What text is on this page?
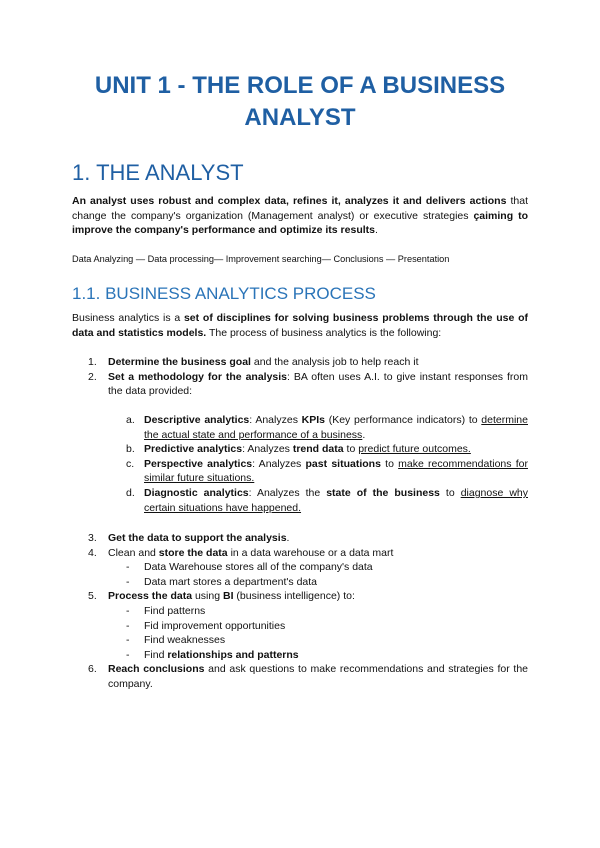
UNIT 1 - THE ROLE OF A BUSINESS
ANALYST
1. THE ANALYST

An analyst uses robust and complex data, refines it, analyzes it and delivers actions that change the company's organization (Management analyst) or executive strategies çaiming to improve the company's performance and optimize its results.

Data Analyzing — Data processing— Improvement searching— Conclusions — Presentation

1.1. BUSINESS ANALYTICS PROCESS

Business analytics is a set of disciplines for solving business problems through the use of data and statistics models. The process of business analytics is the following:

1. Determine the business goal and the analysis job to help reach it
2. Set a methodology for the analysis: BA often uses A.I. to give instant responses from the data provided:
a. Descriptive analytics: Analyzes KPIs (Key performance indicators) to determine the actual state and performance of a business.
b. Predictive analytics: Analyzes trend data to predict future outcomes.
c. Perspective analytics: Analyzes past situations to make recommendations for similar future situations.
d. Diagnostic analytics: Analyzes the state of the business to diagnose why certain situations have happened.
3. Get the data to support the analysis.
4. Clean and store the data in a data warehouse or a data mart
- Data Warehouse stores all of the company's data
- Data mart stores a department's data
5. Process the data using BI (business intelligence) to:
- Find patterns
- Fid improvement opportunities
- Find weaknesses
- Find relationships and patterns
6. Reach conclusions and ask questions to make recommendations and strategies for the company.
